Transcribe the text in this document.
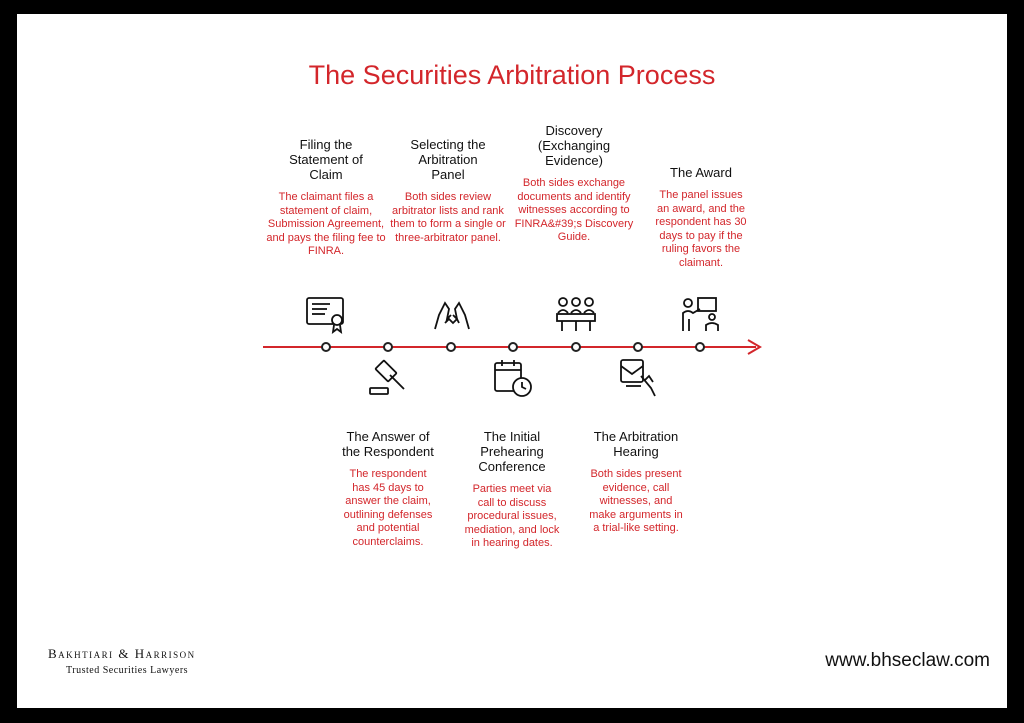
The Securities Arbitration Process
Filing the Statement of Claim
The claimant files a statement of claim, Submission Agreement, and pays the filing fee to FINRA.
Selecting the Arbitration Panel
Both sides review arbitrator lists and rank them to form a single or three-arbitrator panel.
Discovery (Exchanging Evidence)
Both sides exchange documents and identify witnesses according to FINRA&#39;s Discovery Guide.
The Award
The panel issues an award, and the respondent has 30 days to pay if the ruling favors the claimant.
The Answer of the Respondent
The respondent has 45 days to answer the claim, outlining defenses and potential counterclaims.
The Initial Prehearing Conference
Parties meet via call to discuss procedural issues, mediation, and lock in hearing dates.
The Arbitration Hearing
Both sides present evidence, call witnesses, and make arguments in a trial-like setting.
Bakhtiari & Harrison
Trusted Securities Lawyers	www.bhseclaw.com
